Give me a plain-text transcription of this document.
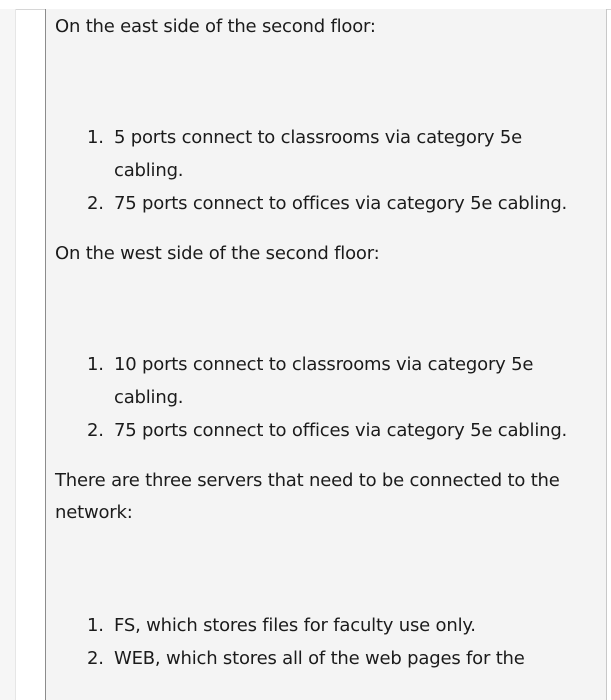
On the east side of the second floor:

1. 5 ports connect to classrooms via category 5e cabling.
2. 75 ports connect to offices via category 5e cabling.

On the west side of the second floor:

1. 10 ports connect to classrooms via category 5e cabling.
2. 75 ports connect to offices via category 5e cabling.

There are three servers that need to be connected to the network:

1. FS, which stores files for faculty use only.
2. WEB, which stores all of the web pages for the
